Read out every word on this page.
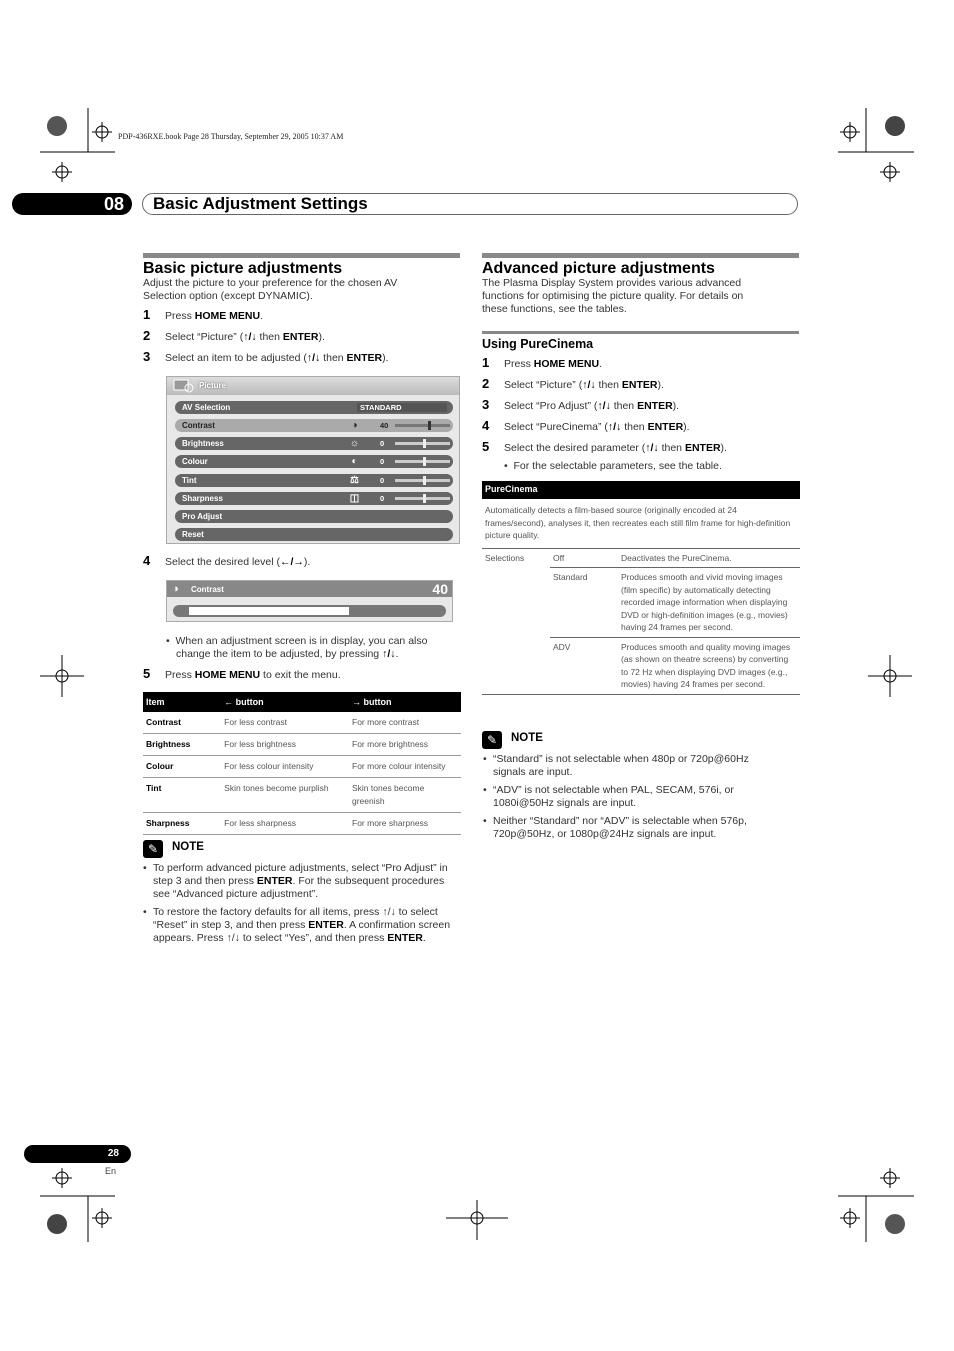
PDP-436RXE.book Page 28 Thursday, September 29, 2005 10:37 AM
08	Basic Adjustment Settings
Basic picture adjustments
Adjust the picture to your preference for the chosen AV
Selection option (except DYNAMIC).
1 Press HOME MENU.
2 Select “Picture” (↑/↓ then ENTER).
3 Select an item to be adjusted (↑/↓ then ENTER).
Picture
AV Selection	STANDARD
Contrast	◑	40
Brightness	☼	0
Colour	◐	0
Tint	⚖	0
Sharpness	◫	0
Pro Adjust
Reset
4 Select the desired level (←/→).
◑ Contrast	40
•  When an adjustment screen is in display, you can also
change the item to be adjusted, by pressing ↑/↓.
5 Press HOME MENU to exit the menu.
Item	← button	→ button
Contrast	For less contrast	For more contrast
Brightness	For less brightness	For more brightness
Colour	For less colour intensity	For more colour intensity
Tint	Skin tones become purplish	Skin tones become greenish
Sharpness	For less sharpness	For more sharpness
✎	NOTE
• To perform advanced picture adjustments, select “Pro Adjust” in step 3 and then press ENTER. For the subsequent procedures see “Advanced picture adjustment”.
• To restore the factory defaults for all items, press ↑/↓ to select “Reset” in step 3, and then press ENTER. A confirmation screen appears. Press ↑/↓ to select “Yes”, and then press ENTER.
Advanced picture adjustments
The Plasma Display System provides various advanced
functions for optimising the picture quality. For details on
these functions, see the tables.
Using PureCinema
1 Press HOME MENU.
2 Select “Picture” (↑/↓ then ENTER).
3 Select “Pro Adjust” (↑/↓ then ENTER).
4 Select “PureCinema” (↑/↓ then ENTER).
5 Select the desired parameter (↑/↓ then ENTER).
•  For the selectable parameters, see the table.
PureCinema		
Automatically detects a film-based source (originally encoded at 24 frames/second), analyses it, then recreates each still film frame for high-definition picture quality.		
Selections	Off	Deactivates the PureCinema.
	Standard	Produces smooth and vivid moving images (film specific) by automatically detecting recorded image information when displaying DVD or high-definition images (e.g., movies) having 24 frames per second.
	ADV	Produces smooth and quality moving images (as shown on theatre screens) by converting to 72 Hz when displaying DVD images (e.g., movies) having 24 frames per second.
✎	NOTE
• “Standard” is not selectable when 480p or 720p@60Hz signals are input.
• “ADV” is not selectable when PAL, SECAM, 576i, or 1080i@50Hz signals are input.
• Neither “Standard” nor “ADV” is selectable when 576p, 720p@50Hz, or 1080p@24Hz signals are input.
28
En
